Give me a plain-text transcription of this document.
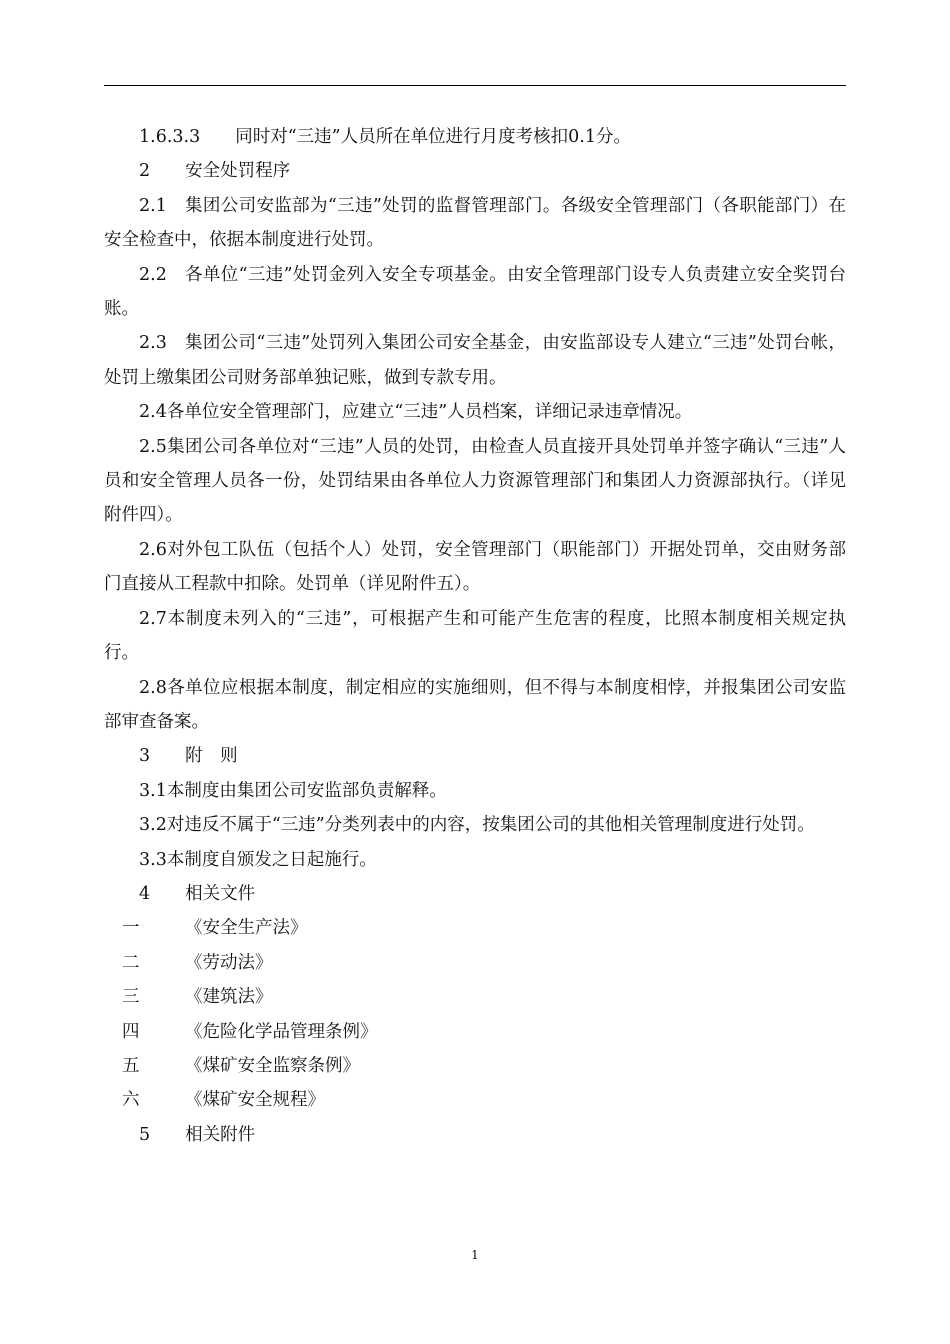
1.6.3.3　　同时对“三违”人员所在单位进行月度考核扣0.1分。

2　　安全处罚程序

2.1　集团公司安监部为“三违”处罚的监督管理部门。各级安全管理部门（各职能部门）在安全检查中，依据本制度进行处罚。

2.2　各单位“三违”处罚金列入安全专项基金。由安全管理部门设专人负责建立安全奖罚台账。

2.3　集团公司“三违”处罚列入集团公司安全基金，由安监部设专人建立“三违”处罚台帐，处罚上缴集团公司财务部单独记账，做到专款专用。

2.4各单位安全管理部门，应建立“三违”人员档案，详细记录违章情况。

2.5集团公司各单位对“三违”人员的处罚，由检查人员直接开具处罚单并签字确认“三违”人员和安全管理人员各一份，处罚结果由各单位人力资源管理部门和集团人力资源部执行。（详见附件四）。

2.6对外包工队伍（包括个人）处罚，安全管理部门（职能部门）开据处罚单，交由财务部门直接从工程款中扣除。处罚单（详见附件五）。

2.7本制度未列入的“三违”，可根据产生和可能产生危害的程度，比照本制度相关规定执行。

2.8各单位应根据本制度，制定相应的实施细则，但不得与本制度相悖，并报集团公司安监部审查备案。

3　　附　则

3.1本制度由集团公司安监部负责解释。

3.2对违反不属于“三违”分类列表中的内容，按集团公司的其他相关管理制度进行处罚。

3.3本制度自颁发之日起施行。

4　　相关文件

一	《安全生产法》
二	《劳动法》
三	《建筑法》
四	《危险化学品管理条例》
五	《煤矿安全监察条例》
六	《煤矿安全规程》

5　　相关附件

1
